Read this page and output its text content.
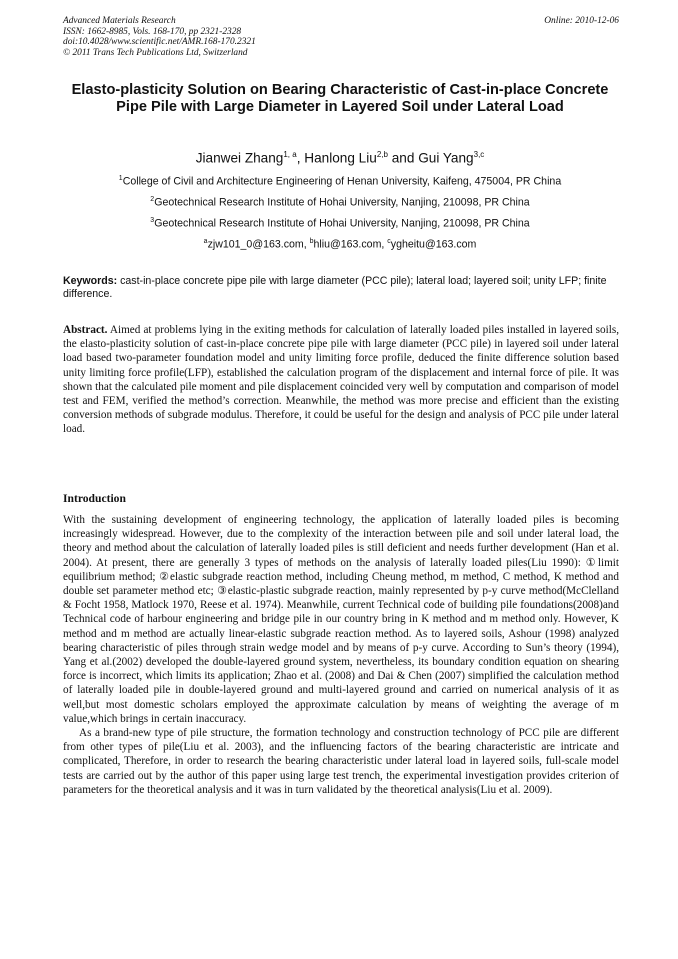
Advanced Materials Research
ISSN: 1662-8985, Vols. 168-170, pp 2321-2328
doi:10.4028/www.scientific.net/AMR.168-170.2321
© 2011 Trans Tech Publications Ltd, Switzerland
Online: 2010-12-06
Elasto-plasticity Solution on Bearing Characteristic of Cast-in-place Concrete Pipe Pile with Large Diameter in Layered Soil under Lateral Load
Jianwei Zhang$^{1, a}$, Hanlong Liu$^{2,b}$ and Gui Yang$^{3,c}$
$^1$College of Civil and Architecture Engineering of Henan University, Kaifeng, 475004, PR China
$^2$Geotechnical Research Institute of Hohai University, Nanjing, 210098, PR China
$^3$Geotechnical Research Institute of Hohai University, Nanjing, 210098, PR China
$^a$zjw101_0@163.com, $^b$hliu@163.com, $^c$ygheitu@163.com
Keywords: cast-in-place concrete pipe pile with large diameter (PCC pile); lateral load; layered soil; unity LFP; finite difference.

Abstract. Aimed at problems lying in the exiting methods for calculation of laterally loaded piles installed in layered soils, the elasto-plasticity solution of cast-in-place concrete pipe pile with large diameter (PCC pile) in layered soil under lateral load based two-parameter foundation model and unity limiting force profile, deduced the finite difference solution based unity limiting force profile(LFP), established the calculation program of the displacement and internal force of pile. It was shown that the calculated pile moment and pile displacement coincided very well by computation and comparison of model test and FEM, verified the method’s correction. Meanwhile, the method was more precise and efficient than the existing conversion methods of subgrade modulus. Therefore, it could be useful for the design and analysis of PCC pile under lateral load.

Introduction

With the sustaining development of engineering technology, the application of laterally loaded piles is becoming increasingly widespread. However, due to the complexity of the interaction between pile and soil under lateral load, the theory and method about the calculation of laterally loaded piles is still deficient and needs further development (Han et al. 2004). At present, there are generally 3 types of methods on the analysis of laterally loaded piles(Liu 1990): ①limit equilibrium method; ②elastic subgrade reaction method, including Cheung method, m method, C method, K method and double set parameter method etc; ③elastic-plastic subgrade reaction, mainly represented by p-y curve method(McClelland & Focht 1958, Matlock 1970, Reese et al. 1974). Meanwhile, current Technical code of building pile foundations(2008)and Technical code of harbour engineering and bridge pile in our country bring in K method and m method only. However, K method and m method are actually linear-elastic subgrade reaction method. As to layered soils, Ashour (1998) analyzed bearing characteristic of piles through strain wedge model and by means of p-y curve. According to Sun’s theory (1994), Yang et al.(2002) developed the double-layered ground system, nevertheless, its boundary condition equation on shearing force is incorrect, which limits its application; Zhao et al. (2008) and Dai & Chen (2007) simplified the calculation method of laterally loaded pile in double-layered ground and multi-layered ground and carried on numerical analysis of it as well,but most domestic scholars employed the approximate calculation by means of weighting the average of m value,which brings in certain inaccuracy.

As a brand-new type of pile structure, the formation technology and construction technology of PCC pile are different from other types of pile(Liu et al. 2003), and the influencing factors of the bearing characteristic are intricate and complicated, Therefore, in order to research the bearing characteristic under lateral load in layered soils, full-scale model tests are carried out by the author of this paper using large test trench, the experimental investigation provides criterion of parameters for the theoretical analysis and it was in turn validated by the theoretical analysis(Liu et al. 2009).
